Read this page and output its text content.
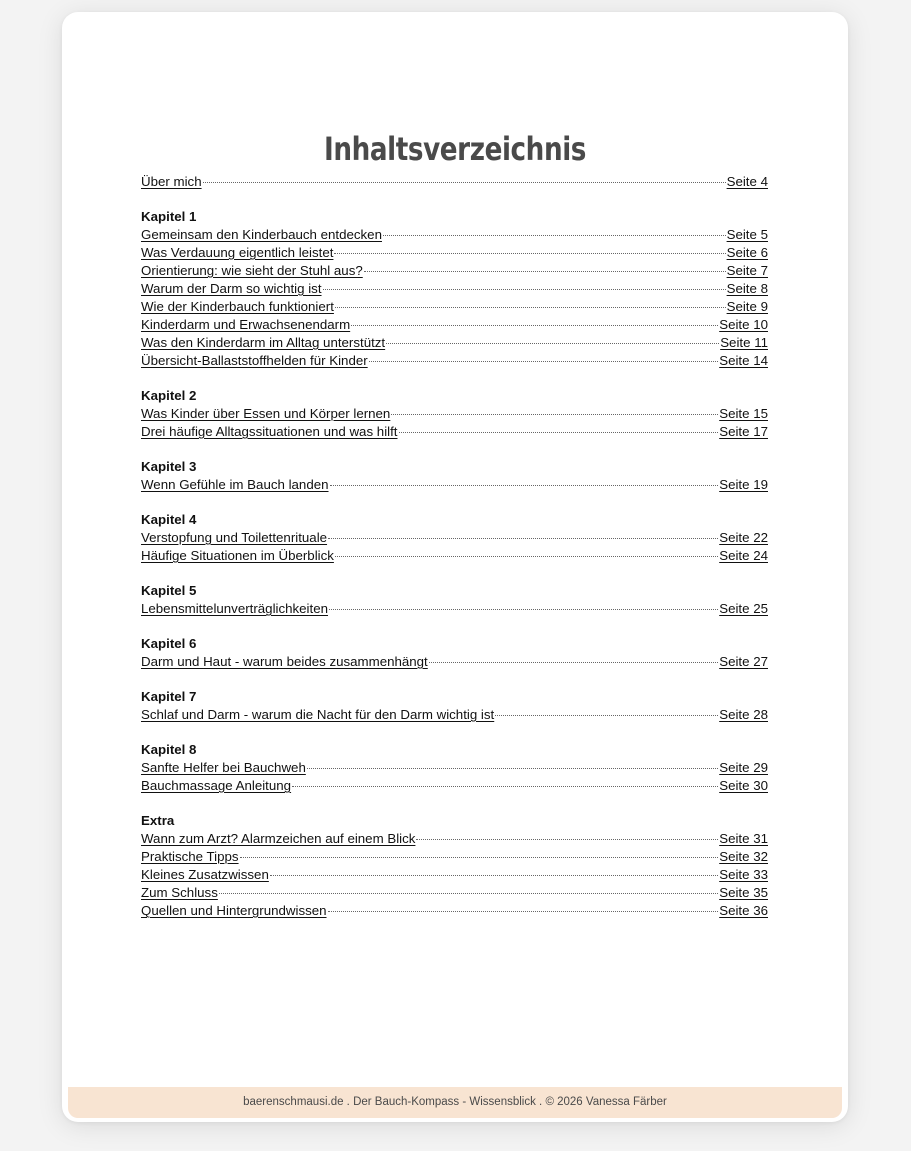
Inhaltsverzeichnis
Über mich	Seite 4
Kapitel 1
Gemeinsam den Kinderbauch entdecken	Seite 5
Was Verdauung eigentlich leistet	Seite 6
Orientierung: wie sieht der Stuhl aus?	Seite 7
Warum der Darm so wichtig ist	Seite 8
Wie der Kinderbauch funktioniert	Seite 9
Kinderdarm und Erwachsenendarm	Seite 10
Was den Kinderdarm im Alltag unterstützt	Seite 11
Übersicht-Ballaststoffhelden für Kinder	Seite 14
Kapitel 2
Was Kinder über Essen und Körper lernen	Seite 15
Drei häufige Alltagssituationen und was hilft	Seite 17
Kapitel 3
Wenn Gefühle im Bauch landen	Seite 19
Kapitel 4
Verstopfung und Toilettenrituale	Seite 22
Häufige Situationen im Überblick	Seite 24
Kapitel 5
Lebensmittelunverträglichkeiten	Seite 25
Kapitel 6
Darm und Haut - warum beides zusammenhängt	Seite 27
Kapitel 7
Schlaf und Darm - warum die Nacht für den Darm wichtig ist	Seite 28
Kapitel 8
Sanfte Helfer bei Bauchweh	Seite 29
Bauchmassage Anleitung	Seite 30
Extra
Wann zum Arzt? Alarmzeichen auf einem Blick	Seite 31
Praktische Tipps	Seite 32
Kleines Zusatzwissen	Seite 33
Zum Schluss	Seite 35
Quellen und Hintergrundwissen	Seite 36
baerenschmausi.de . Der Bauch-Kompass - Wissensblick . © 2026 Vanessa Färber
